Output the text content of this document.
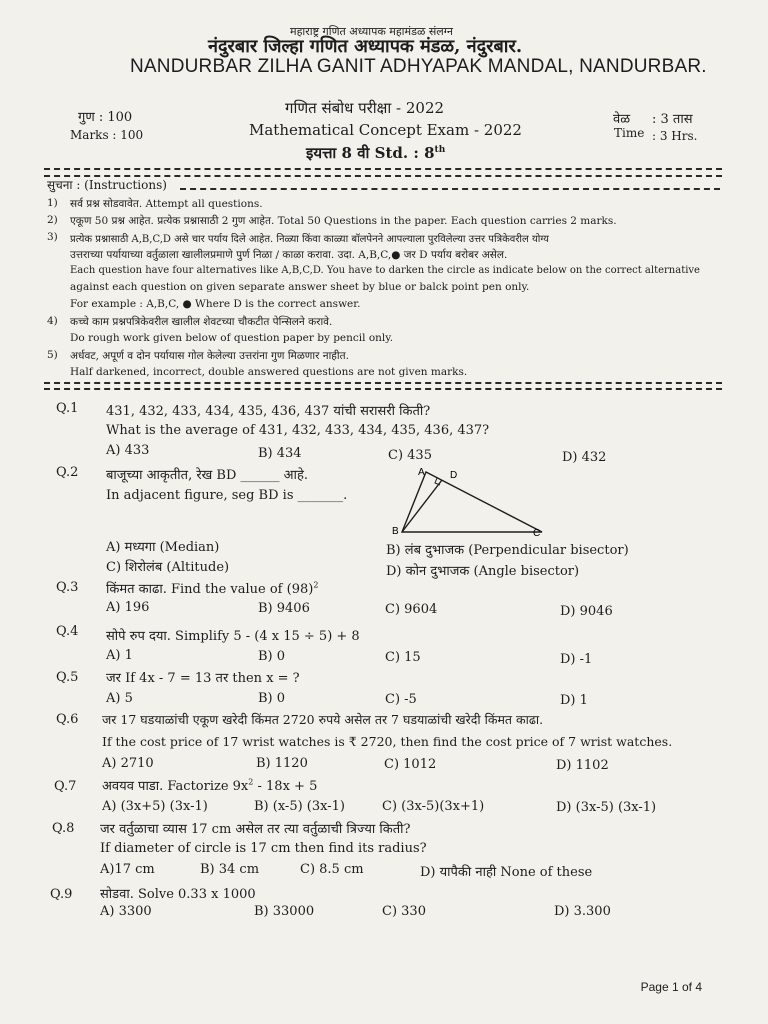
महाराष्ट्र गणित अध्यापक महामंडळ संलग्न
नंदुरबार जिल्हा गणित अध्यापक मंडळ, नंदुरबार.
NANDURBAR ZILHA GANIT ADHYAPAK MANDAL, NANDURBAR.
गणित संबोध परीक्षा - 2022
Mathematical Concept Exam - 2022
इयत्ता 8 वी Std. : 8th
गुण : 100
Marks : 100
वेळ : 3 तास
Time : 3 Hrs.
सुचना : (Instructions)
1) सर्व प्रश्न सोडवावेत. Attempt all questions.
2) एकूण 50 प्रश्न आहेत. प्रत्येक प्रश्नासाठी 2 गुण आहेत. Total 50 Questions in the paper. Each question carries 2 marks.
3) प्रत्येक प्रश्नासाठी A,B,C,D असे चार पर्याय दिले आहेत. निळ्या किंवा काळ्या बॉलपेनने आपल्याला पुरविलेल्या उत्तर पत्रिकेवरील योग्य
उत्तराच्या पर्यायाच्या वर्तुळाला खालीलप्रमाणे पुर्ण निळा / काळा करावा. उदा. A,B,C,● जर D पर्याय बरोबर असेल.
Each question have four alternatives like A,B,C,D. You have to darken the circle as indicate below on the correct alternative
against each question on given separate answer sheet by blue or balck point pen only.
For example : A,B,C, ● Where D is the correct answer.
4) कच्चे काम प्रश्नपत्रिकेवरील खालील शेवटच्या चौकटीत पेन्सिलने करावे.
Do rough work given below of question paper by pencil only.
5) अर्धवट, अपूर्ण व दोन पर्यायास गोल केलेल्या उत्तरांना गुण मिळणार नाहीत.
Half darkened, incorrect, double answered questions are not given marks.
Q.1 431, 432, 433, 434, 435, 436, 437 यांची सरासरी किती?
What is the average of 431, 432, 433, 434, 435, 436, 437?
A) 433	B) 434	C) 435	D) 432
Q.2 बाजूच्या आकृतीत, रेख BD ______ आहे.
In adjacent figure, seg BD is _______.
A	D
B	C
A) मध्यगा (Median)	B) लंब दुभाजक (Perpendicular bisector)
C) शिरोलंब (Altitude)	D) कोन दुभाजक (Angle bisector)
Q.3 किंमत काढा. Find the value of $(98)^2$
A) 196	B) 9406	C) 9604	D) 9046
Q.4 सोपे रुप दया. Simplify 5 - (4 x 15 ÷ 5) + 8
A) 1	B) 0	C) 15	D) -1
Q.5 जर If 4x - 7 = 13 तर then x = ?
A) 5	B) 0	C) -5	D) 1
Q.6 जर 17 घडयाळांची एकूण खरेदी किंमत 2720 रुपये असेल तर 7 घडयाळांची खरेदी किंमत काढा.
If the cost price of 17 wrist watches is ₹ 2720, then find the cost price of 7 wrist watches.
A) 2710	B) 1120	C) 1012	D) 1102
Q.7 अवयव पाडा. Factorize $9x^2 - 18x + 5$
A) (3x+5) (3x-1)	B) (x-5) (3x-1)	C) (3x-5)(3x+1)	D) (3x-5) (3x-1)
Q.8 जर वर्तुळाचा व्यास 17 cm असेल तर त्या वर्तुळाची त्रिज्या किती?
If diameter of circle is 17 cm then find its radius?
A)17 cm	B) 34 cm	C) 8.5 cm	D) यापैकी नाही None of these
Q.9 सोडवा. Solve 0.33 x 1000
A) 3300	B) 33000	C) 330	D) 3.300
Page 1 of 4
